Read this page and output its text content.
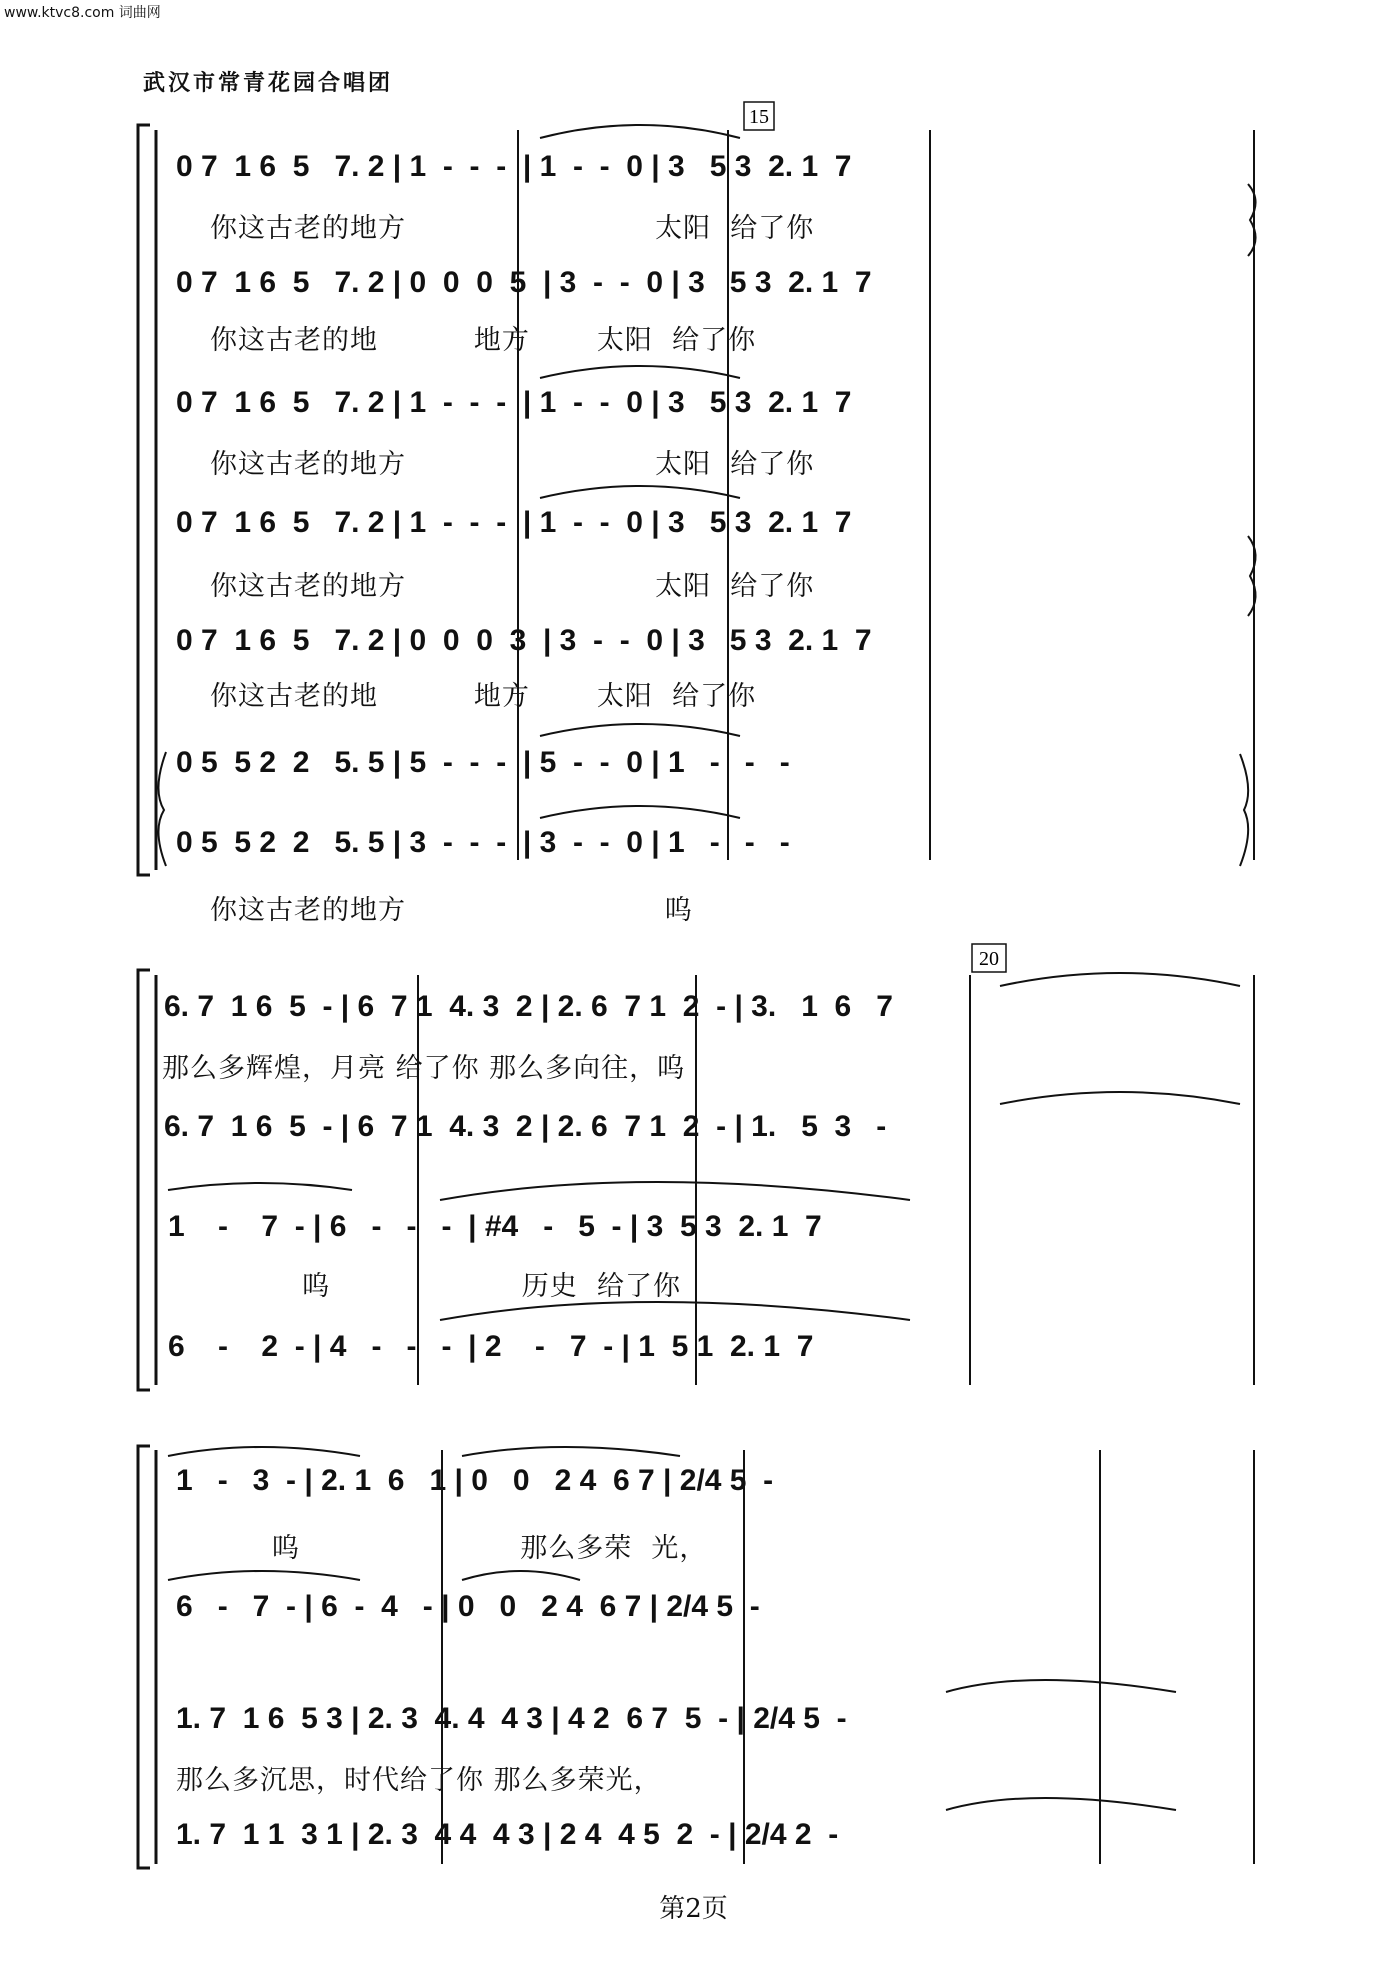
www.ktvc8.com 词曲网
武汉市常青花园合唱团
0 7  1 6  5   7. 2 | 1  -  -  -  | 1  -  -  0 | 3   5 3  2. 1  7
你这古老的地方                          太阳  给了你
0 7  1 6  5   7. 2 | 0  0  0  5  | 3  -  -  0 | 3   5 3  2. 1  7
你这古老的地          地方       太阳  给了你
0 7  1 6  5   7. 2 | 1  -  -  -  | 1  -  -  0 | 3   5 3  2. 1  7
你这古老的地方                          太阳  给了你
0 7  1 6  5   7. 2 | 1  -  -  -  | 1  -  -  0 | 3   5 3  2. 1  7
你这古老的地方                          太阳  给了你
0 7  1 6  5   7. 2 | 0  0  0  3  | 3  -  -  0 | 3   5 3  2. 1  7
你这古老的地          地方       太阳  给了你
0 5  5 2  2   5. 5 | 5  -  -  -  | 5  -  -  0 | 1   -   -   -
0 5  5 2  2   5. 5 | 3  -  -  -  | 3  -  -  0 | 1   -   -   -
你这古老的地方                           呜
6. 7  1 6  5  - | 6  7 1  4. 3  2 | 2. 6  7 1  2  - | 3.   1  6   7
那么多辉煌，月亮 给了你 那么多向往，呜
6. 7  1 6  5  - | 6  7 1  4. 3  2 | 2. 6  7 1  2  - | 1.   5  3   -
1    -    7  - | 6   -   -   -  | #4   -   5  - | 3  5 3  2. 1  7
呜                    历史  给了你
6    -    2  - | 4   -   -   -  | 2    -   7  - | 1  5 1  2. 1  7
1   -   3  - | 2. 1  6   1 | 0   0   2 4  6 7 | 2/4 5  -
呜                       那么多荣  光，
6   -   7  - | 6  -  4   - | 0   0   2 4  6 7 | 2/4 5  -
1. 7  1 6  5 3 | 2. 3  4. 4  4 3 | 4 2  6 7  5  - | 2/4 5  -
那么多沉思，时代给了你 那么多荣光，
1. 7  1 1  3 1 | 2. 3  4 4  4 3 | 2 4  4 5  2  - | 2/4 2  -
第2页
15
20
